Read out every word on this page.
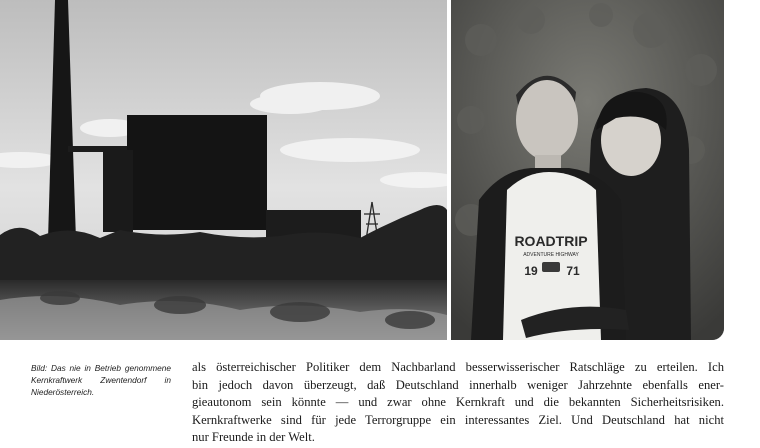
ROADTRIP
ADVENTURE HIGHWAY
19 71
Bild: Das nie in Betrieb genommene Kernkraftwerk Zwentendorf in Niederösterreich.
als österreichischer Politiker dem Nachbarland besserwisserischer Ratschläge zu erteilen. Ich
bin jedoch davon überzeugt, daß Deutschland innerhalb weniger Jahrzehnte ebenfalls ener-
gieautonom sein könnte — und zwar ohne Kernkraft und die bekannten Sicherheitsrisiken.
Kernkraftwerke sind für jede Terrorgruppe ein interessantes Ziel. Und Deutschland hat nicht
nur Freunde in der Welt.
